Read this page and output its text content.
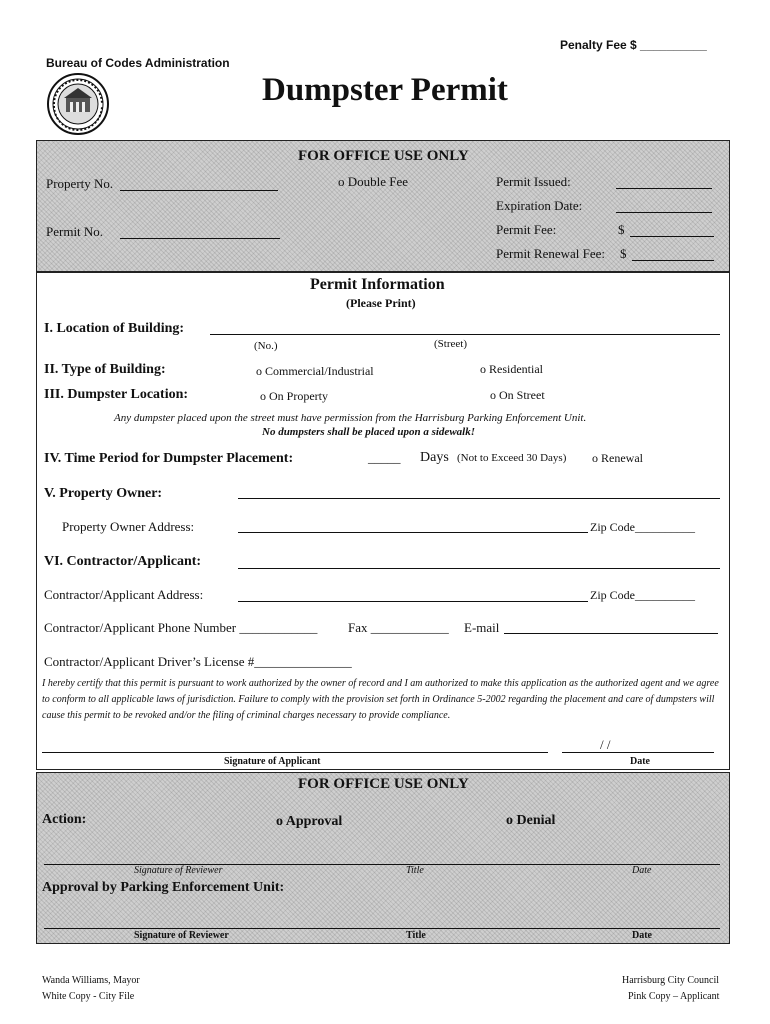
Penalty Fee $ __________
Bureau of Codes Administration
Dumpster Permit
FOR OFFICE USE ONLY
Property No.	o Double Fee
Permit No.
Permit Issued:
Expiration Date:
Permit Fee:	$
Permit Renewal Fee: $
Permit Information
(Please Print)
I. Location of Building:
(No.)	(Street)
II. Type of Building:	o Commercial/Industrial	o Residential
III. Dumpster Location:	o On Property	o On Street
Any dumpster placed upon the street must have permission from the Harrisburg Parking Enforcement Unit.
No dumpsters shall be placed upon a sidewalk!
IV. Time Period for Dumpster Placement:	_____ Days (Not to Exceed 30 Days) o Renewal
V. Property Owner:
Property Owner Address:	Zip Code__________
VI. Contractor/Applicant:
Contractor/Applicant Address:	Zip Code__________
Contractor/Applicant Phone Number ____________ Fax ____________ E-mail
Contractor/Applicant Driver’s License #_______________
I hereby certify that this permit is pursuant to work authorized by the owner of record and I am authorized to make this application as the authorized agent and we agree to conform to all applicable laws of jurisdiction. Failure to comply with the provision set forth in Ordinance 5-2002 regarding the placement and care of dumpsters will cause this permit to be revoked and/or the filing of criminal charges necessary to provide compliance.
/ /
Signature of Applicant	Date
FOR OFFICE USE ONLY
Action:	o Approval	o Denial
Signature of Reviewer	Title	Date
Approval by Parking Enforcement Unit:
Signature of Reviewer	Title	Date
Wanda Williams, Mayor
White Copy - City File
Harrisburg City Council
Pink Copy – Applicant
